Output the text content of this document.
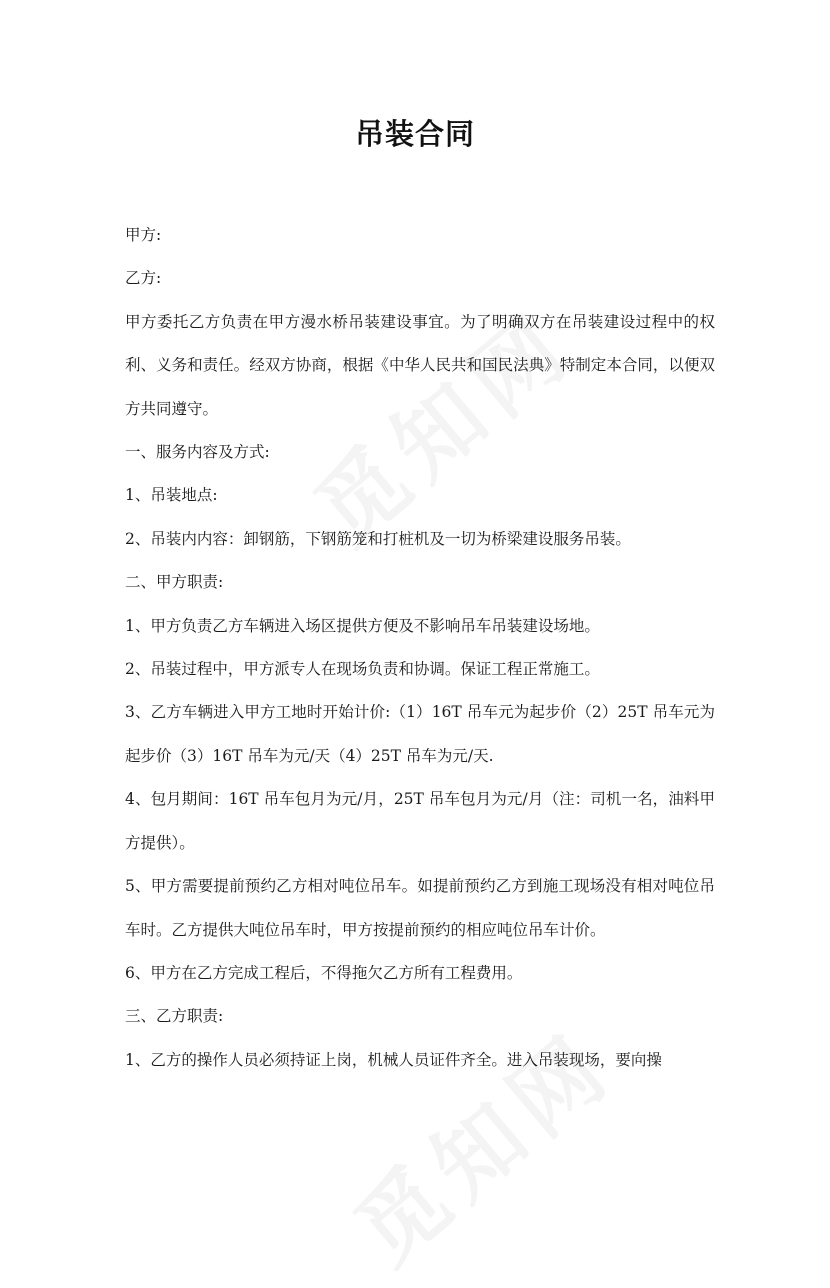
吊装合同

甲方:

乙方:

甲方委托乙方负责在甲方漫水桥吊装建设事宜。为了明确双方在吊装建设过程中的权利、义务和责任。经双方协商，根据《中华人民共和国民法典》特制定本合同，以便双方共同遵守。

一、服务内容及方式:

1、吊装地点:

2、吊装内内容：卸钢筋，下钢筋笼和打桩机及一切为桥梁建设服务吊装。

二、甲方职责:

1、甲方负责乙方车辆进入场区提供方便及不影响吊车吊装建设场地。

2、吊装过程中，甲方派专人在现场负责和协调。保证工程正常施工。

3、乙方车辆进入甲方工地时开始计价:（1）16T 吊车元为起步价（2）25T 吊车元为起步价（3）16T 吊车为元/天（4）25T 吊车为元/天.

4、包月期间：16T 吊车包月为元/月，25T 吊车包月为元/月（注：司机一名，油料甲方提供）。

5、甲方需要提前预约乙方相对吨位吊车。如提前预约乙方到施工现场没有相对吨位吊车时。乙方提供大吨位吊车时，甲方按提前预约的相应吨位吊车计价。

6、甲方在乙方完成工程后，不得拖欠乙方所有工程费用。

三、乙方职责:

1、乙方的操作人员必须持证上岗，机械人员证件齐全。进入吊装现场，要向操
